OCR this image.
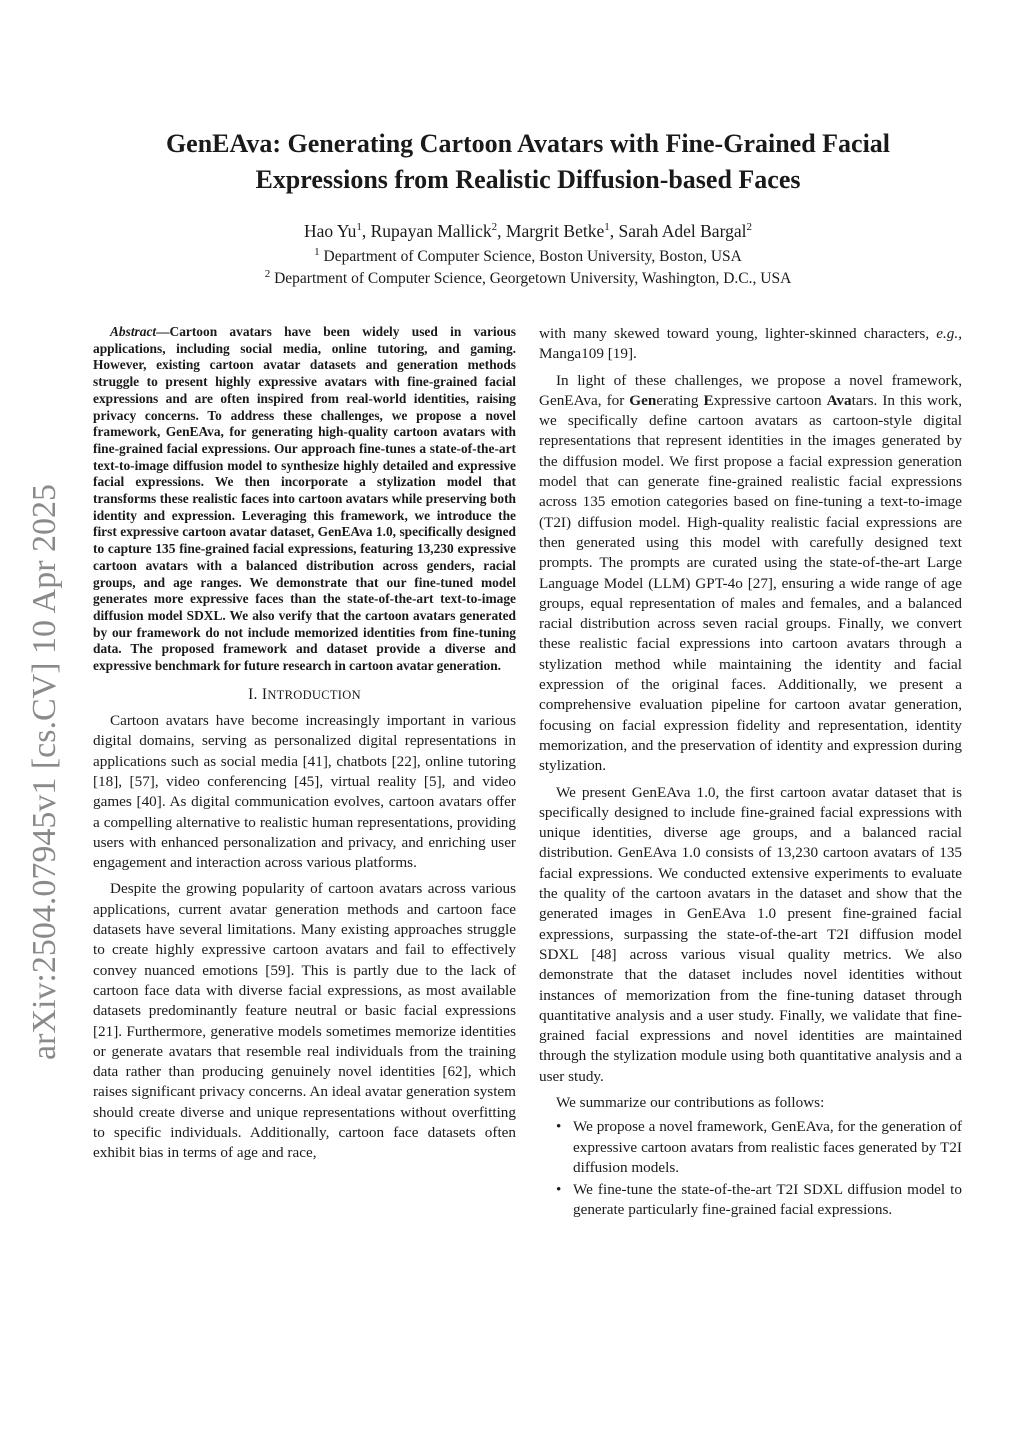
GenEAva: Generating Cartoon Avatars with Fine-Grained Facial
Expressions from Realistic Diffusion-based Faces
Hao Yu$^1$, Rupayan Mallick$^2$, Margrit Betke$^1$, Sarah Adel Bargal$^2$
$^1$ Department of Computer Science, Boston University, Boston, USA
$^2$ Department of Computer Science, Georgetown University, Washington, D.C., USA
arXiv:2504.07945v1 [cs.CV] 10 Apr 2025

Abstract—Cartoon avatars have been widely used in various applications, including social media, online tutoring, and gaming. However, existing cartoon avatar datasets and generation methods struggle to present highly expressive avatars with fine-grained facial expressions and are often inspired from real-world identities, raising privacy concerns. To address these challenges, we propose a novel framework, GenEAva, for generating high-quality cartoon avatars with fine-grained facial expressions. Our approach fine-tunes a state-of-the-art text-to-image diffusion model to synthesize highly detailed and expressive facial expressions. We then incorporate a stylization model that transforms these realistic faces into cartoon avatars while preserving both identity and expression. Leveraging this framework, we introduce the first expressive cartoon avatar dataset, GenEAva 1.0, specifically designed to capture 135 fine-grained facial expressions, featuring 13,230 expressive cartoon avatars with a balanced distribution across genders, racial groups, and age ranges. We demonstrate that our fine-tuned model generates more expressive faces than the state-of-the-art text-to-image diffusion model SDXL. We also verify that the cartoon avatars generated by our framework do not include memorized identities from fine-tuning data. The proposed framework and dataset provide a diverse and expressive benchmark for future research in cartoon avatar generation.

I. INTRODUCTION

Cartoon avatars have become increasingly important in various digital domains, serving as personalized digital representations in applications such as social media [41], chatbots [22], online tutoring [18], [57], video conferencing [45], virtual reality [5], and video games [40]. As digital communication evolves, cartoon avatars offer a compelling alternative to realistic human representations, providing users with enhanced personalization and privacy, and enriching user engagement and interaction across various platforms.

Despite the growing popularity of cartoon avatars across various applications, current avatar generation methods and cartoon face datasets have several limitations. Many existing approaches struggle to create highly expressive cartoon avatars and fail to effectively convey nuanced emotions [59]. This is partly due to the lack of cartoon face data with diverse facial expressions, as most available datasets predominantly feature neutral or basic facial expressions [21]. Furthermore, generative models sometimes memorize identities or generate avatars that resemble real individuals from the training data rather than producing genuinely novel identities [62], which raises significant privacy concerns. An ideal avatar generation system should create diverse and unique representations without overfitting to specific individuals. Additionally, cartoon face datasets often exhibit bias in terms of age and race,

with many skewed toward young, lighter-skinned characters, e.g., Manga109 [19].

In light of these challenges, we propose a novel framework, GenEAva, for Generating Expressive cartoon Avatars. In this work, we specifically define cartoon avatars as cartoon-style digital representations that represent identities in the images generated by the diffusion model. We first propose a facial expression generation model that can generate fine-grained realistic facial expressions across 135 emotion categories based on fine-tuning a text-to-image (T2I) diffusion model. High-quality realistic facial expressions are then generated using this model with carefully designed text prompts. The prompts are curated using the state-of-the-art Large Language Model (LLM) GPT-4o [27], ensuring a wide range of age groups, equal representation of males and females, and a balanced racial distribution across seven racial groups. Finally, we convert these realistic facial expressions into cartoon avatars through a stylization method while maintaining the identity and facial expression of the original faces. Additionally, we present a comprehensive evaluation pipeline for cartoon avatar generation, focusing on facial expression fidelity and representation, identity memorization, and the preservation of identity and expression during stylization.

We present GenEAva 1.0, the first cartoon avatar dataset that is specifically designed to include fine-grained facial expressions with unique identities, diverse age groups, and a balanced racial distribution. GenEAva 1.0 consists of 13,230 cartoon avatars of 135 facial expressions. We conducted extensive experiments to evaluate the quality of the cartoon avatars in the dataset and show that the generated images in GenEAva 1.0 present fine-grained facial expressions, surpassing the state-of-the-art T2I diffusion model SDXL [48] across various visual quality metrics. We also demonstrate that the dataset includes novel identities without instances of memorization from the fine-tuning dataset through quantitative analysis and a user study. Finally, we validate that fine-grained facial expressions and novel identities are maintained through the stylization module using both quantitative analysis and a user study.

We summarize our contributions as follows:

• We propose a novel framework, GenEAva, for the generation of expressive cartoon avatars from realistic faces generated by T2I diffusion models.
• We fine-tune the state-of-the-art T2I SDXL diffusion model to generate particularly fine-grained facial expressions.
